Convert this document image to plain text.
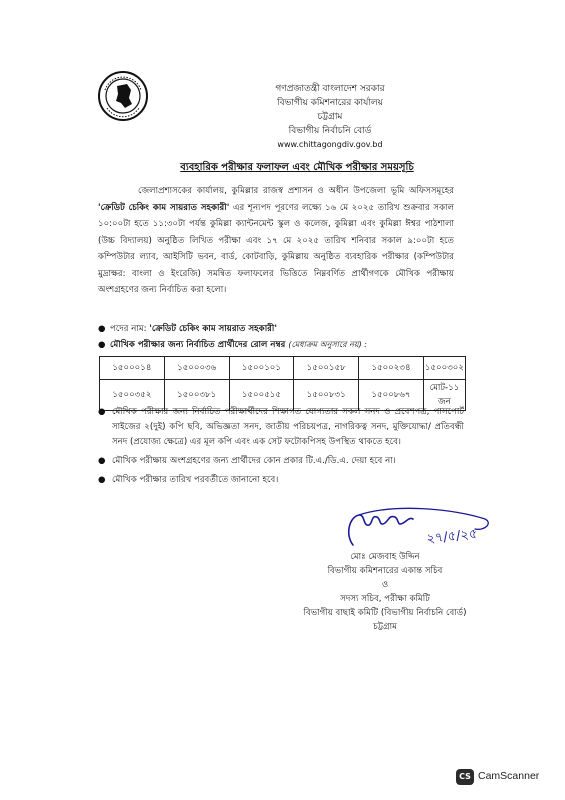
গণপ্রজাতন্ত্রী বাংলাদেশ সরকার
বিভাগীয় কমিশনারের কার্যালয়
চট্টগ্রাম
বিভাগীয় নির্বাচনি বোর্ড
www.chittagongdiv.gov.bd
ব্যবহারিক পরীক্ষার ফলাফল এবং মৌখিক পরীক্ষার সময়সূচি
জেলাপ্রশাসকের কার্যালয়, কুমিল্লার রাজস্ব প্রশাসন ও অধীন উপজেলা ভূমি অফিসসমূহের 'ক্রেডিট চেকিং কাম সায়রাত সহকারী' এর শূন্যপদ পূরণের লক্ষ্যে ১৬ মে ২০২৫ তারিখ শুক্রবার সকাল ১০:০০টা হতে ১১:৩০টা পর্যন্ত কুমিল্লা ক্যান্টনমেন্ট স্কুল ও কলেজ, কুমিল্লা এবং কুমিল্লা ঈশ্বর পাঠশালা (উচ্চ বিদ্যালয়) অনুষ্ঠিত লিখিত পরীক্ষা এবং ১৭ মে ২০২৫ তারিখ শনিবার সকাল ৯:০০টা হতে কম্পিউটার ল্যাব, আইসিটি ভবন, বার্ড, কোটবাড়ি, কুমিল্লায় অনুষ্ঠিত ব্যবহারিক পরীক্ষার (কম্পিউটার মুদ্রাক্ষর: বাংলা ও ইংরেজি) সমন্বিত ফলাফলের ভিত্তিতে নিম্নবর্ণিত প্রার্থীগণকে মৌখিক পরীক্ষায় অংশগ্রহণের জন্য নির্বাচিত করা হলো।
● পদের নাম: 'ক্রেডিট চেকিং কাম সায়রাত সহকারী'
● মৌখিক পরীক্ষার জন্য নির্বাচিত প্রার্থীদের রোল নম্বর (মেধাক্রম অনুসারে নয়) :
১৫০০০১৪	১৫০০০৩৬	১৫০০১০১	১৫০০১৫৮	১৫০০২৩৪	১৫০০৩০২
১৫০০৩৫২	১৫০০৩৮১	১৫০০৫১৫	১৫০০৮৩১	১৫০০৮৬৭	মোট-১১ জন
● মৌখিক পরীক্ষার জন্য নির্বাচিত পরীক্ষার্থীদের শিক্ষাগত যোগ্যতার সকল সনদ ও প্রবেশপত্র, পাসপোর্ট সাইজের ২(দুই) কপি ছবি, অভিজ্ঞতা সনদ, জাতীয় পরিচয়পত্র, নাগরিকত্ব সনদ, মুক্তিযোদ্ধা/ প্রতিবন্ধী সনদ (প্রযোজ্য ক্ষেত্রে) এর মূল কপি এবং এক সেট ফটোকপিসহ উপস্থিত থাকতে হবে।
● মৌখিক পরীক্ষায় অংশগ্রহণের জন্য প্রার্থীদের কোন প্রকার টি.এ./ডি.এ. দেয়া হবে না।
● মৌখিক পরীক্ষার তারিখ পরবর্তীতে জানানো হবে।
২৭/৫/২৫
মোঃ মেজবাহ উদ্দিন
বিভাগীয় কমিশনারের একান্ত সচিব
ও
সদস্য সচিব, পরীক্ষা কমিটি
বিভাগীয় বাছাই কমিটি (বিভাগীয় নির্বাচনি বোর্ড)
চট্টগ্রাম
CS CamScanner
